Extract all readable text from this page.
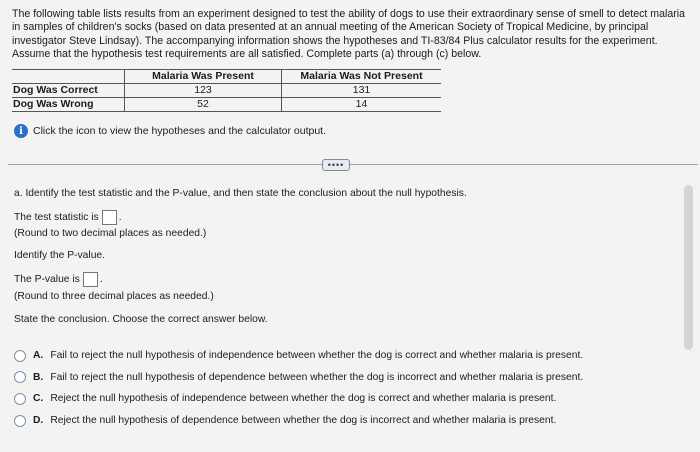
The following table lists results from an experiment designed to test the ability of dogs to use their extraordinary sense of smell to detect malaria in samples of children's socks (based on data presented at an annual meeting of the American Society of Tropical Medicine, by principal investigator Steve Lindsay). The accompanying information shows the hypotheses and TI-83/84 Plus calculator results for the experiment. Assume that the hypothesis test requirements are all satisfied. Complete parts (a) through (c) below.
	Malaria Was Present	Malaria Was Not Present
Dog Was Correct	123	131
Dog Was Wrong	52	14
i Click the icon to view the hypotheses and the calculator output.
••••
a. Identify the test statistic and the P-value, and then state the conclusion about the null hypothesis.
The test statistic is .
(Round to two decimal places as needed.)
Identify the P-value.
The P-value is .
(Round to three decimal places as needed.)
State the conclusion. Choose the correct answer below.
A. Fail to reject the null hypothesis of independence between whether the dog is correct and whether malaria is present.
B. Fail to reject the null hypothesis of dependence between whether the dog is incorrect and whether malaria is present.
C. Reject the null hypothesis of independence between whether the dog is correct and whether malaria is present.
D. Reject the null hypothesis of dependence between whether the dog is incorrect and whether malaria is present.
